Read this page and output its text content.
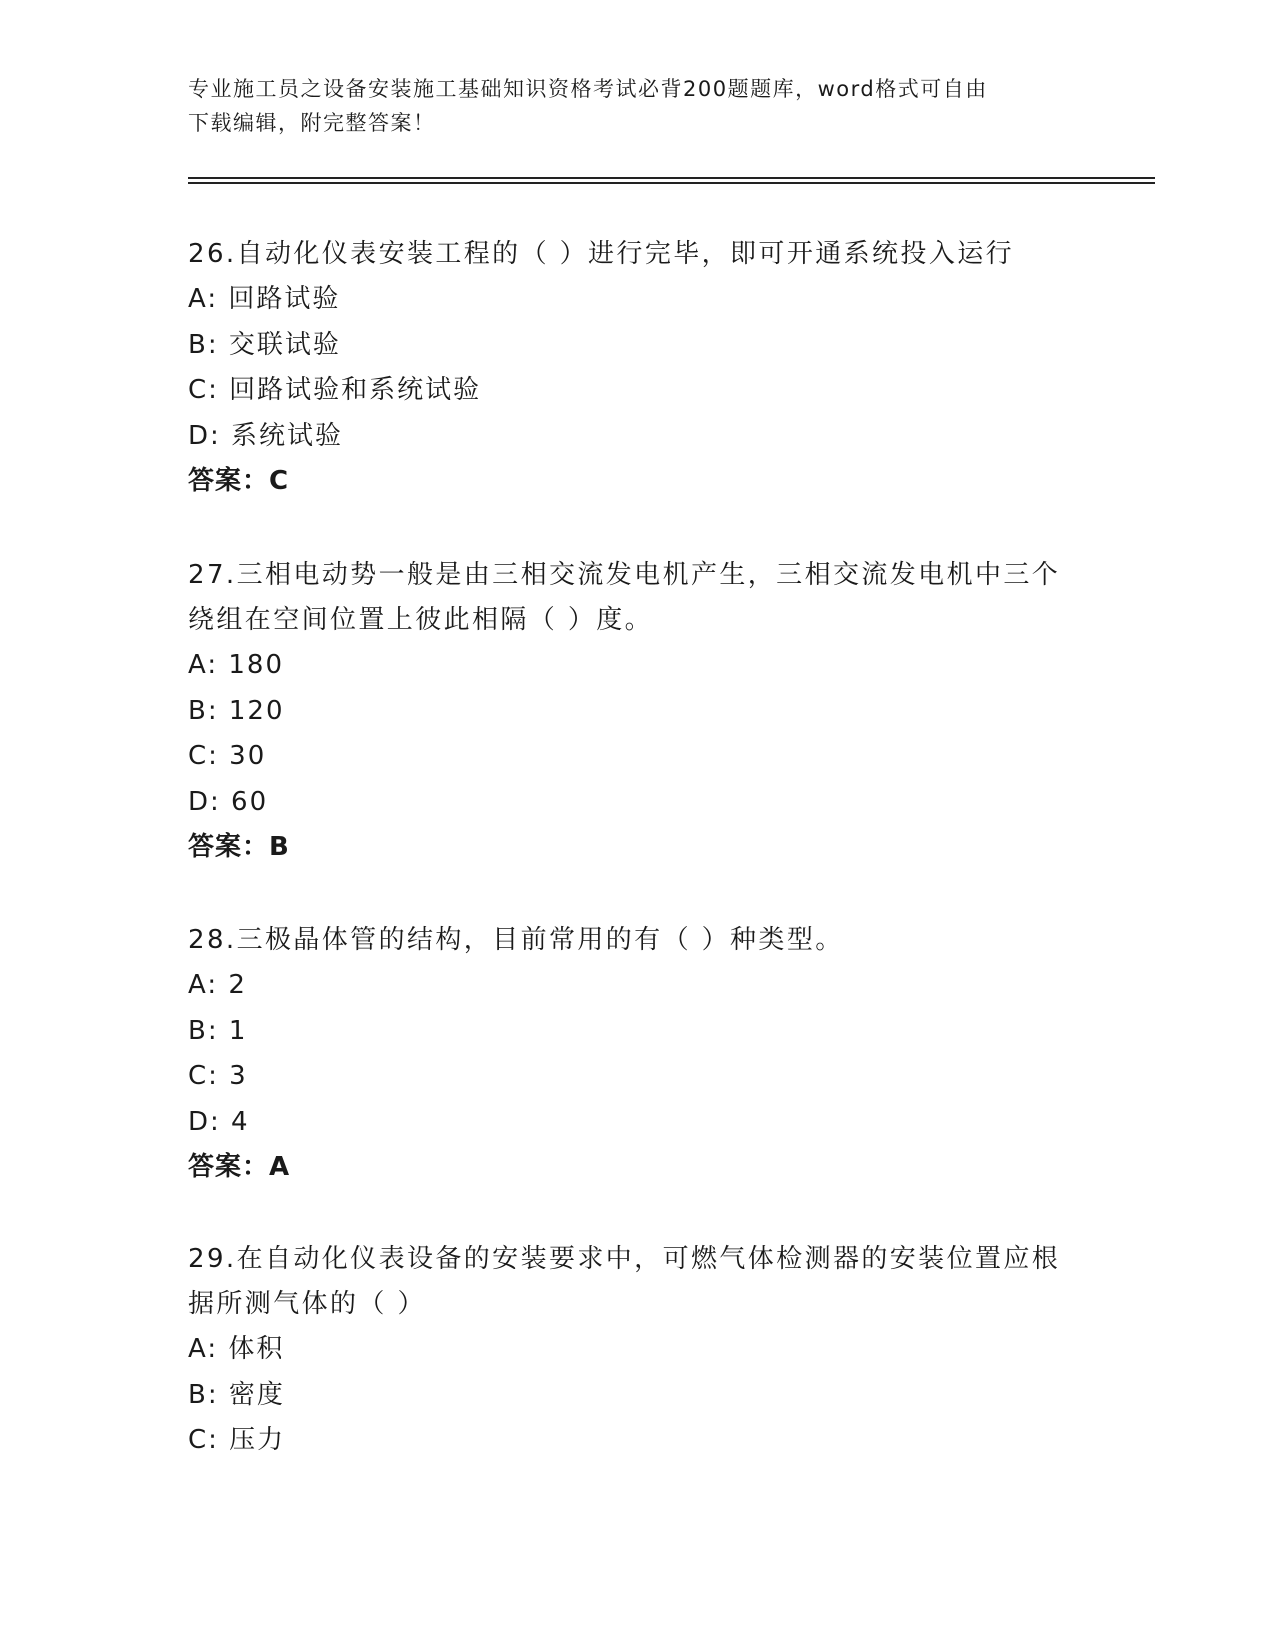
专业施工员之设备安装施工基础知识资格考试必背200题题库，word格式可自由
下载编辑，附完整答案！
26.自动化仪表安装工程的（ ）进行完毕，即可开通系统投入运行
A: 回路试验
B: 交联试验
C: 回路试验和系统试验
D: 系统试验
答案：C
27.三相电动势一般是由三相交流发电机产生，三相交流发电机中三个
绕组在空间位置上彼此相隔（ ）度。
A: 180
B: 120
C: 30
D: 60
答案：B
28.三极晶体管的结构，目前常用的有（ ）种类型。
A: 2
B: 1
C: 3
D: 4
答案：A
29.在自动化仪表设备的安装要求中，可燃气体检测器的安装位置应根
据所测气体的（ ）
A: 体积
B: 密度
C: 压力
